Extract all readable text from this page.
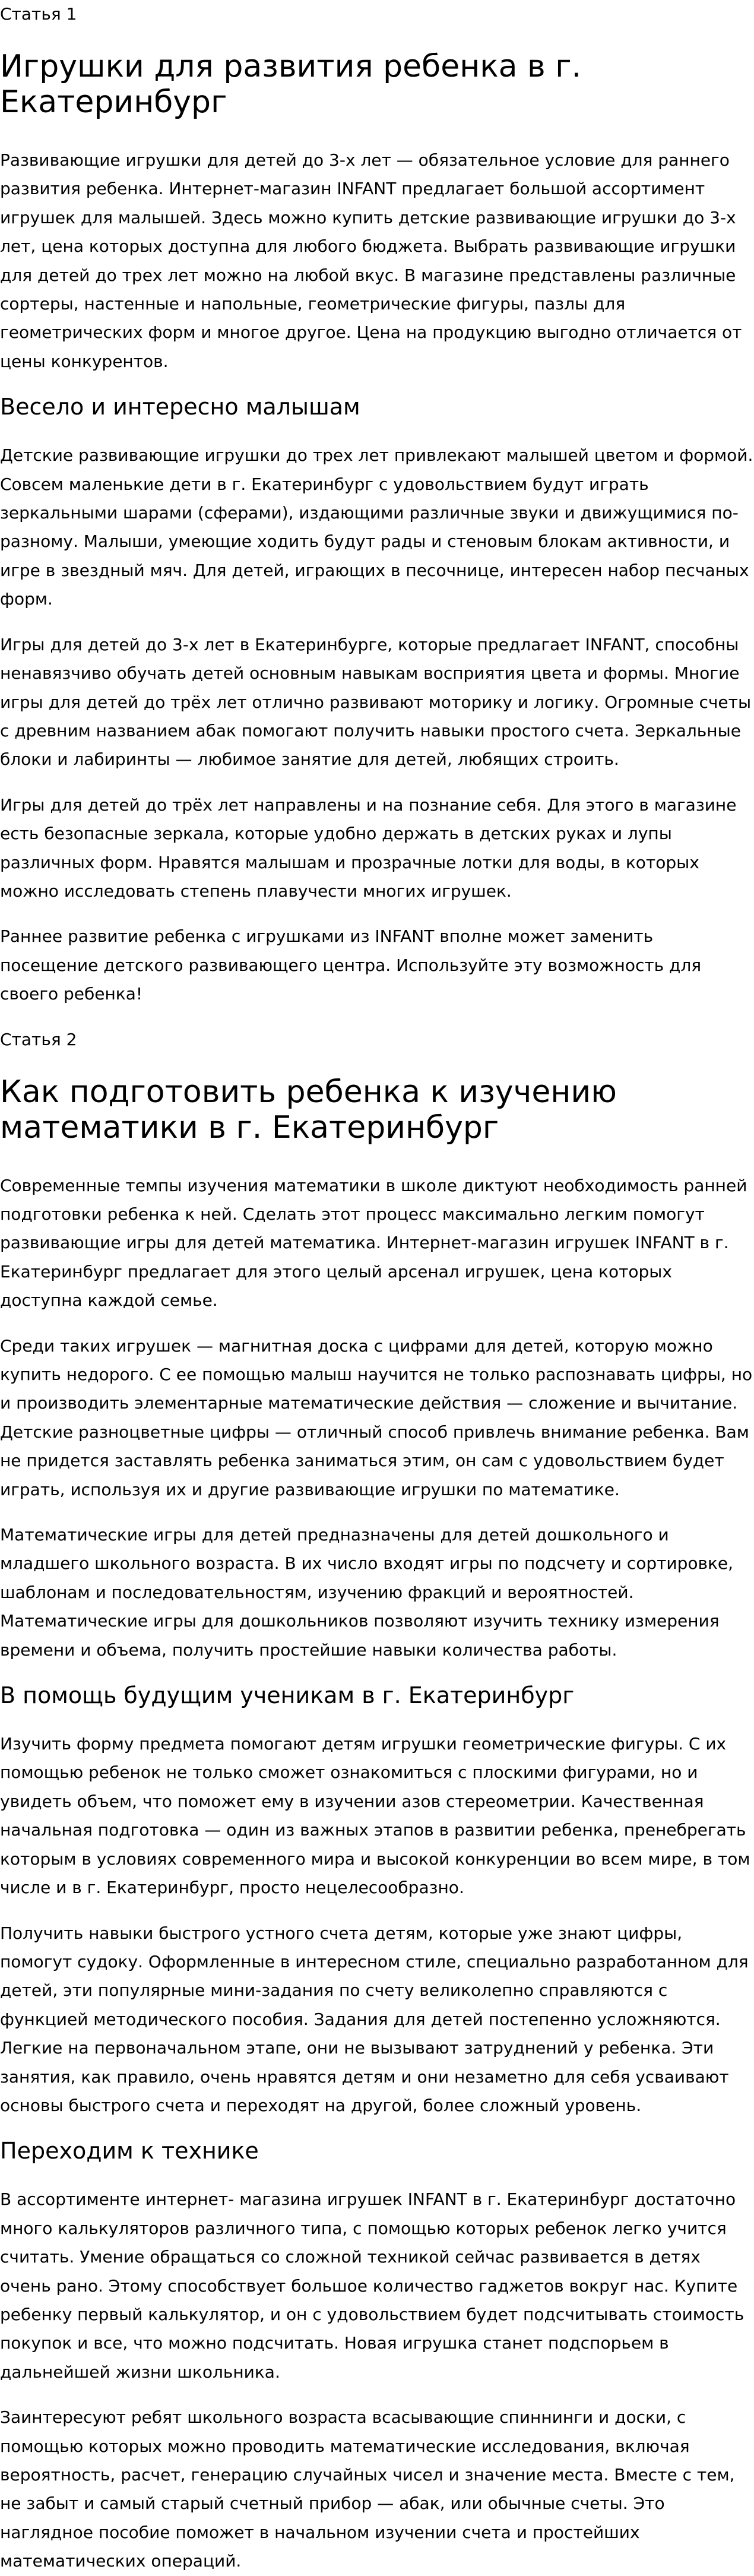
Статья 1

Игрушки для развития ребенка в г. Екатеринбург

Развивающие игрушки для детей до 3-х лет — обязательное условие для раннего развития ребенка. Интернет-магазин INFANT предлагает большой ассортимент игрушек для малышей. Здесь можно купить детские развивающие игрушки до 3-х лет, цена которых доступна для любого бюджета. Выбрать развивающие игрушки для детей до трех лет можно на любой вкус. В магазине представлены различные сортеры, настенные и напольные, геометрические фигуры, пазлы для геометрических форм и многое другое. Цена на продукцию выгодно отличается от цены конкурентов.

Весело и интересно малышам

Детские развивающие игрушки до трех лет привлекают малышей цветом и формой. Совсем маленькие дети в г. Екатеринбург с удовольствием будут играть зеркальными шарами (сферами), издающими различные звуки и движущимися по-разному. Малыши, умеющие ходить будут рады и стеновым блокам активности, и игре в звездный мяч. Для детей, играющих в песочнице, интересен набор песчаных форм.

Игры для детей до 3-х лет в Екатеринбурге, которые предлагает INFANT, способны ненавязчиво обучать детей основным навыкам восприятия цвета и формы. Многие игры для детей до трёх лет отлично развивают моторику и логику. Огромные счеты с древним названием абак помогают получить навыки простого счета. Зеркальные блоки и лабиринты — любимое занятие для детей, любящих строить.

Игры для детей до трёх лет направлены и на познание себя. Для этого в магазине есть безопасные зеркала, которые удобно держать в детских руках и лупы различных форм. Нравятся малышам и прозрачные лотки для воды, в которых можно исследовать степень плавучести многих игрушек.

Раннее развитие ребенка с игрушками из INFANT вполне может заменить посещение детского развивающего центра. Используйте эту возможность для своего ребенка!

Статья 2

Как подготовить ребенка к изучению математики в г. Екатеринбург

Современные темпы изучения математики в школе диктуют необходимость ранней подготовки ребенка к ней. Сделать этот процесс максимально легким помогут развивающие игры для детей математика. Интернет-магазин игрушек INFANT в г. Екатеринбург предлагает для этого целый арсенал игрушек, цена которых доступна каждой семье.

Среди таких игрушек — магнитная доска с цифрами для детей, которую можно купить недорого. С ее помощью малыш научится не только распознавать цифры, но и производить элементарные математические действия — сложение и вычитание. Детские разноцветные цифры — отличный способ привлечь внимание ребенка. Вам не придется заставлять ребенка заниматься этим, он сам с удовольствием будет играть, используя их и другие развивающие игрушки по математике.

Математические игры для детей предназначены для детей дошкольного и младшего школьного возраста. В их число входят игры по подсчету и сортировке, шаблонам и последовательностям, изучению фракций и вероятностей. Математические игры для дошкольников позволяют изучить технику измерения времени и объема, получить простейшие навыки количества работы.

В помощь будущим ученикам в г. Екатеринбург

Изучить форму предмета помогают детям игрушки геометрические фигуры. С их помощью ребенок не только сможет ознакомиться с плоскими фигурами, но и увидеть объем, что поможет ему в изучении азов стереометрии. Качественная начальная подготовка — один из важных этапов в развитии ребенка, пренебрегать которым в условиях современного мира и высокой конкуренции во всем мире, в том числе и в г. Екатеринбург, просто нецелесообразно.

Получить навыки быстрого устного счета детям, которые уже знают цифры, помогут судоку. Оформленные в интересном стиле, специально разработанном для детей, эти популярные мини-задания по счету великолепно справляются с функцией методического пособия. Задания для детей постепенно усложняются. Легкие на первоначальном этапе, они не вызывают затруднений у ребенка. Эти занятия, как правило, очень нравятся детям и они незаметно для себя усваивают основы быстрого счета и переходят на другой, более сложный уровень.

Переходим к технике

В ассортименте интернет- магазина игрушек INFANT в г. Екатеринбург достаточно много калькуляторов различного типа, с помощью которых ребенок легко учится считать. Умение обращаться со сложной техникой сейчас развивается в детях очень рано. Этому способствует большое количество гаджетов вокруг нас. Купите ребенку первый калькулятор, и он с удовольствием будет подсчитывать стоимость покупок и все, что можно подсчитать. Новая игрушка станет подспорьем в дальнейшей жизни школьника.

Заинтересуют ребят школьного возраста всасывающие спиннинги и доски, с помощью которых можно проводить математические исследования, включая вероятность, расчет, генерацию случайных чисел и значение места. Вместе с тем, не забыт и самый старый счетный прибор — абак, или обычные счеты. Это наглядное пособие поможет в начальном изучении счета и простейших математических операций.
